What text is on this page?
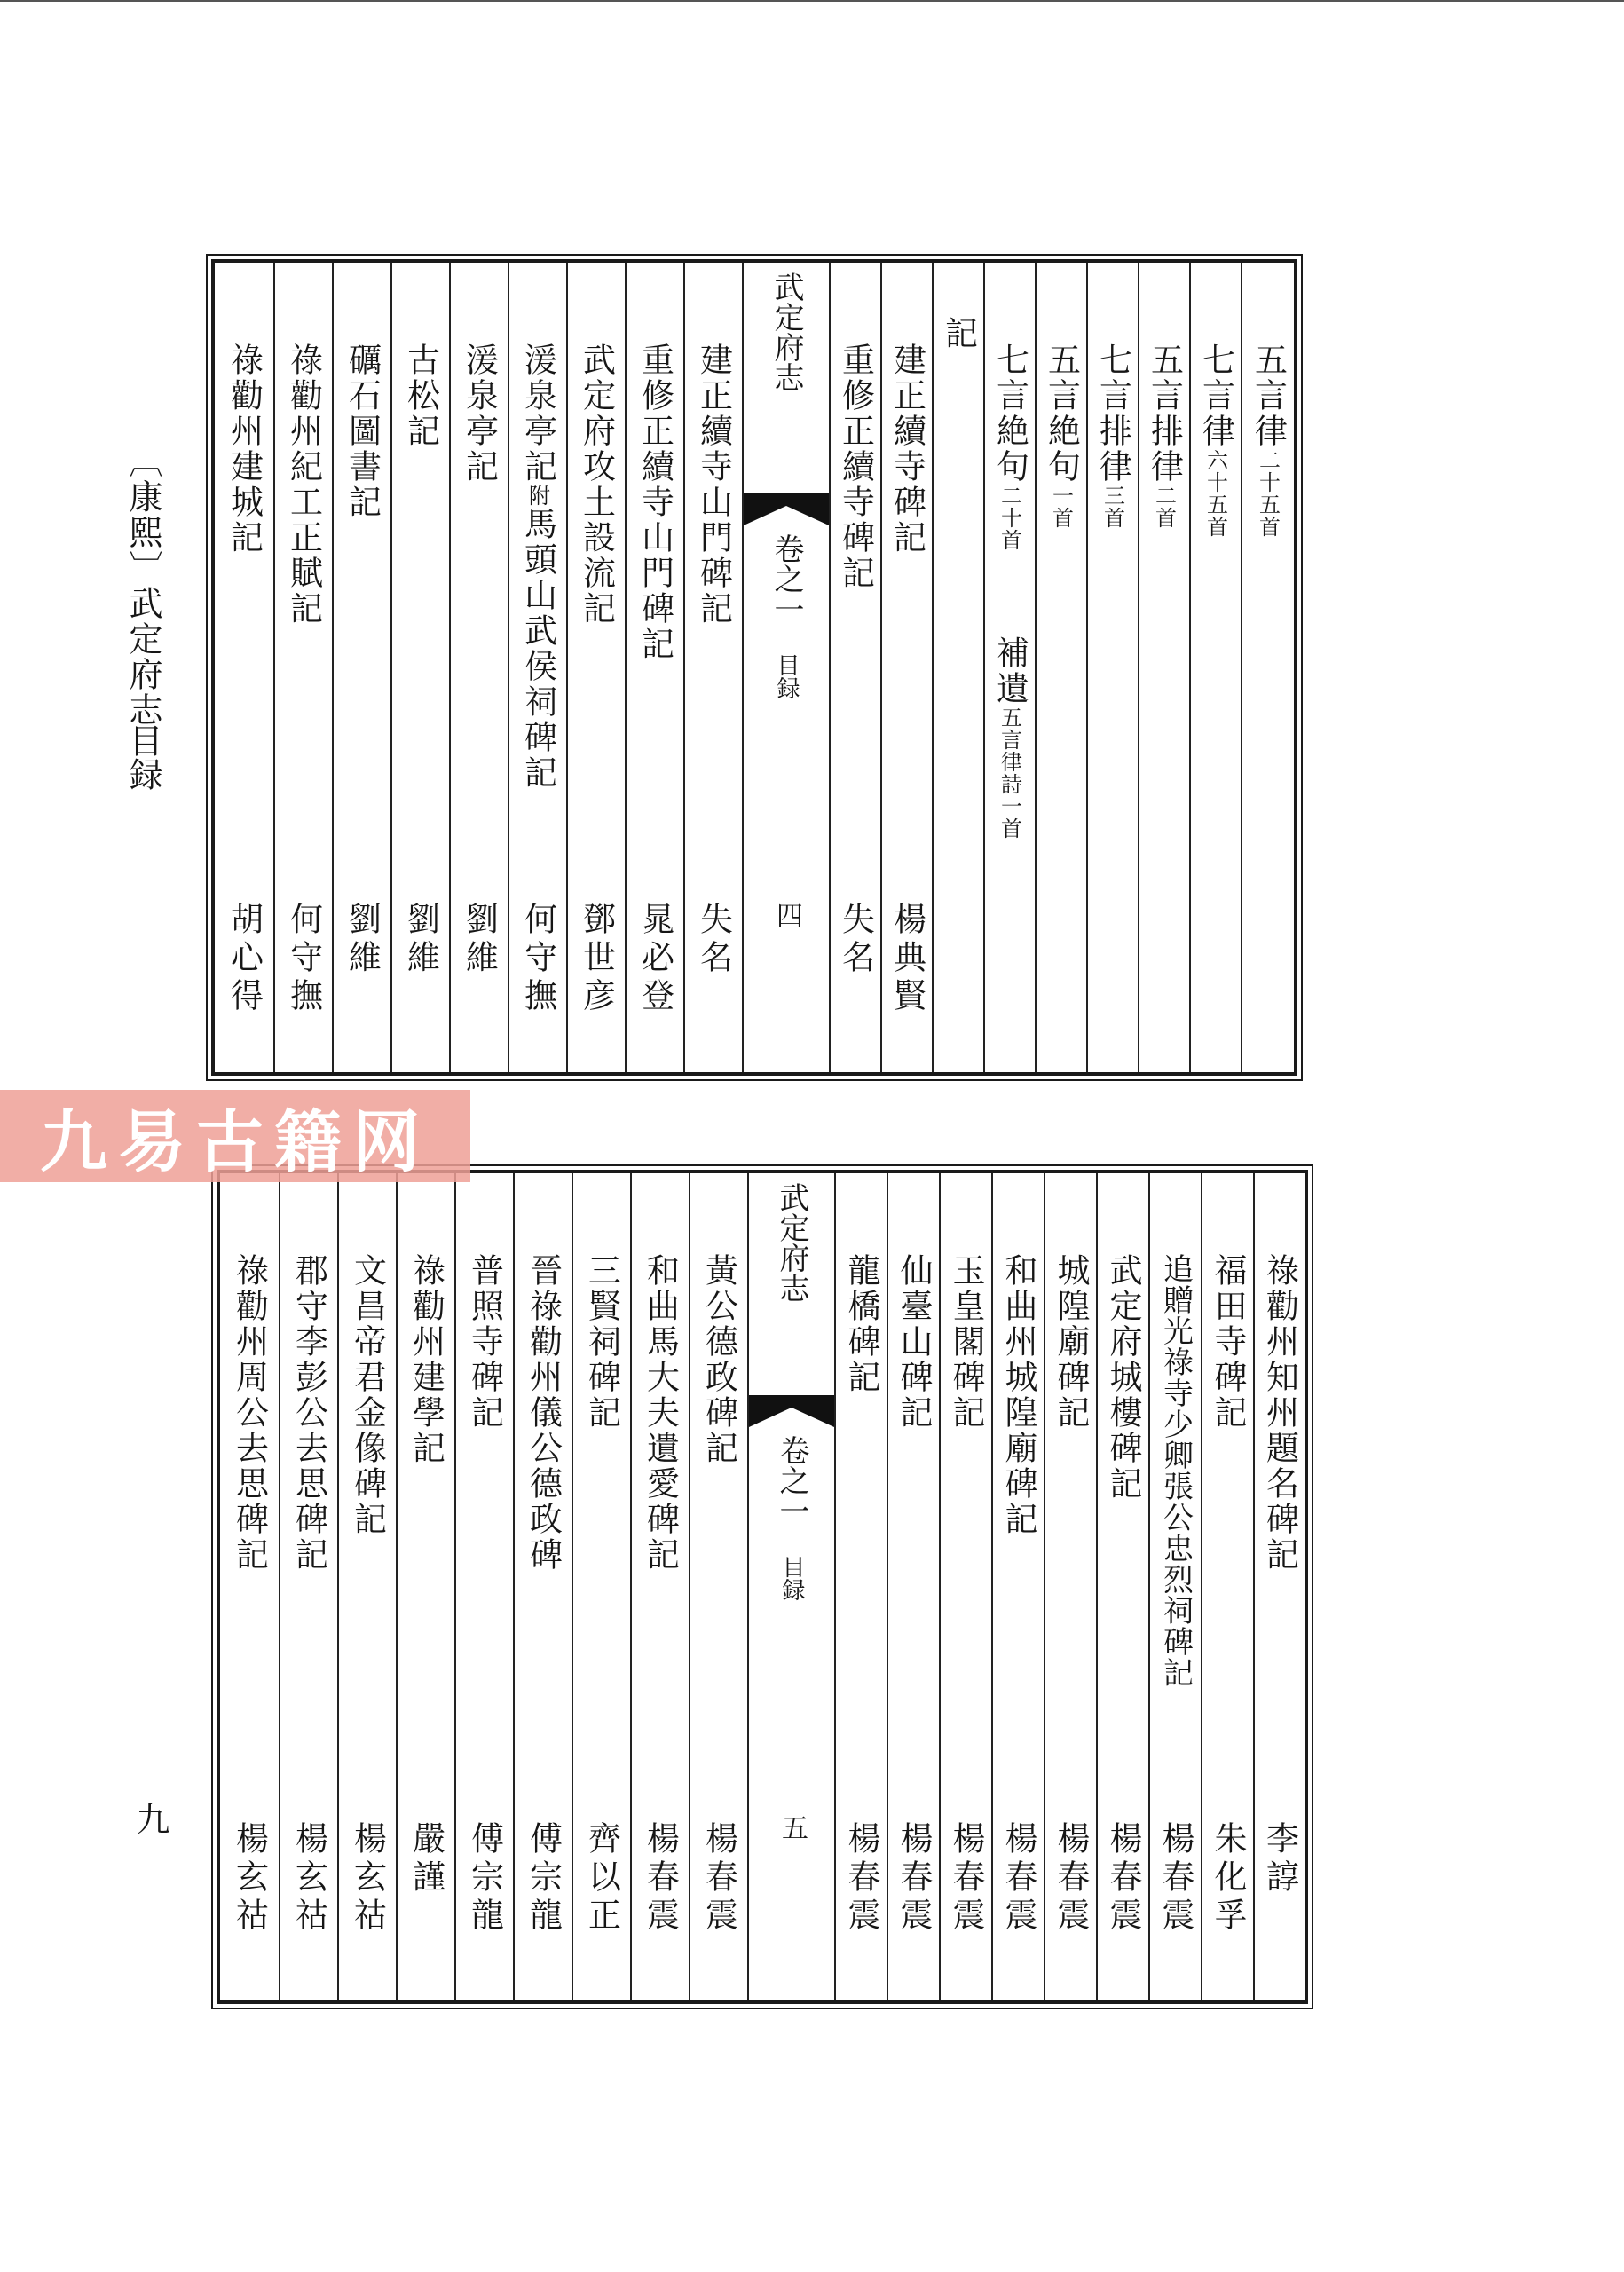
〔康熙〕武定府志
目録
九
祿勸州建城記
胡心得
祿勸州紀工正賦記
何守撫
礪石圖書記
劉維
古松記
劉維
湲泉亭記
劉維
湲泉亭記附馬頭山武侯祠碑記
何守撫
武定府攻土設流記
鄧世彦
重修正續寺山門碑記
晁必登
建正續寺山門碑記
失名
武定府志
卷之一
目録
四
重修正續寺碑記
失名
建正續寺碑記
楊典賢
記
七言絶句二十首
補遺五言律詩一首
五言絶句一首
七言排律三首
五言排律二首
七言律六十五首
五言律二十五首
祿勸州周公去思碑記
楊玄祜
郡守李彭公去思碑記
楊玄祜
文昌帝君金像碑記
楊玄祜
祿勸州建學記
嚴謹
普照寺碑記
傅宗龍
晉祿勸州儀公德政碑
傅宗龍
三賢祠碑記
齊以正
和曲馬大夫遺愛碑記
楊春震
黃公德政碑記
楊春震
武定府志
卷之一
目録
五
龍橋碑記
楊春震
仙臺山碑記
楊春震
玉皇閣碑記
楊春震
和曲州城隍廟碑記
楊春震
城隍廟碑記
楊春震
武定府城樓碑記
楊春震
追贈光祿寺少卿張公忠烈祠碑記
楊春震
福田寺碑記
朱化孚
祿勸州知州題名碑記
李諄
九易古籍网
